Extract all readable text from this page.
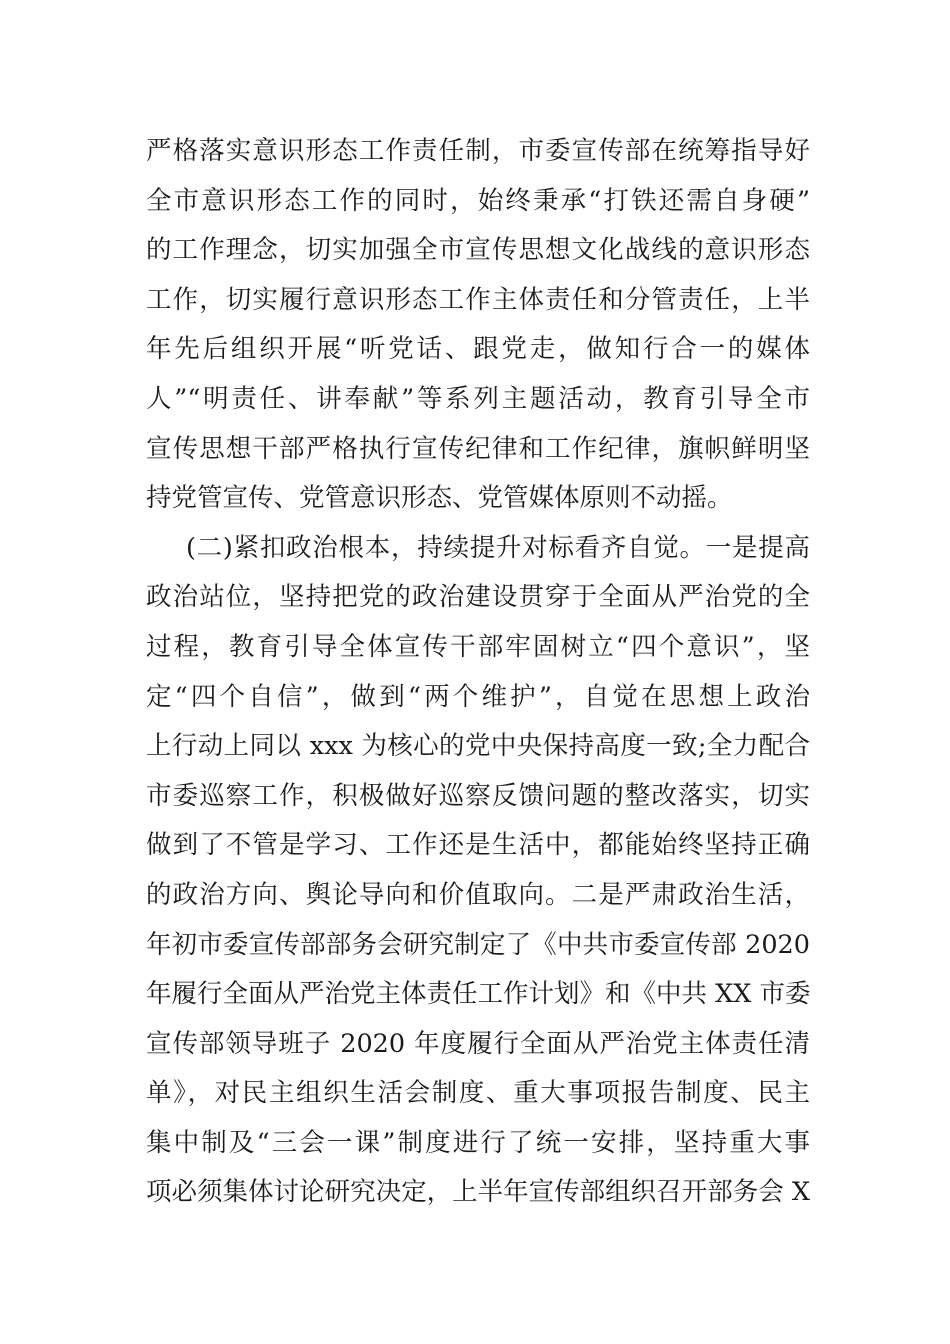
严格落实意识形态工作责任制，市委宣传部在统筹指导好
全市意识形态工作的同时，始终秉承“打铁还需自身硬”
的工作理念，切实加强全市宣传思想文化战线的意识形态
工作，切实履行意识形态工作主体责任和分管责任，上半
年先后组织开展“听党话、跟党走，做知行合一的媒体
人”“明责任、讲奉献”等系列主题活动，教育引导全市
宣传思想干部严格执行宣传纪律和工作纪律，旗帜鲜明坚
持党管宣传、党管意识形态、党管媒体原则不动摇。
(二)紧扣政治根本，持续提升对标看齐自觉。一是提高
政治站位，坚持把党的政治建设贯穿于全面从严治党的全
过程，教育引导全体宣传干部牢固树立“四个意识”，坚
定“四个自信”，做到“两个维护”，自觉在思想上政治
上行动上同以 xxx 为核心的党中央保持高度一致;全力配合
市委巡察工作，积极做好巡察反馈问题的整改落实，切实
做到了不管是学习、工作还是生活中，都能始终坚持正确
的政治方向、舆论导向和价值取向。二是严肃政治生活，
年初市委宣传部部务会研究制定了《中共市委宣传部 2020
年履行全面从严治党主体责任工作计划》和《中共 XX 市委
宣传部领导班子 2020 年度履行全面从严治党主体责任清
单》，对民主组织生活会制度、重大事项报告制度、民主
集中制及“三会一课”制度进行了统一安排，坚持重大事
项必须集体讨论研究决定，上半年宣传部组织召开部务会 X
